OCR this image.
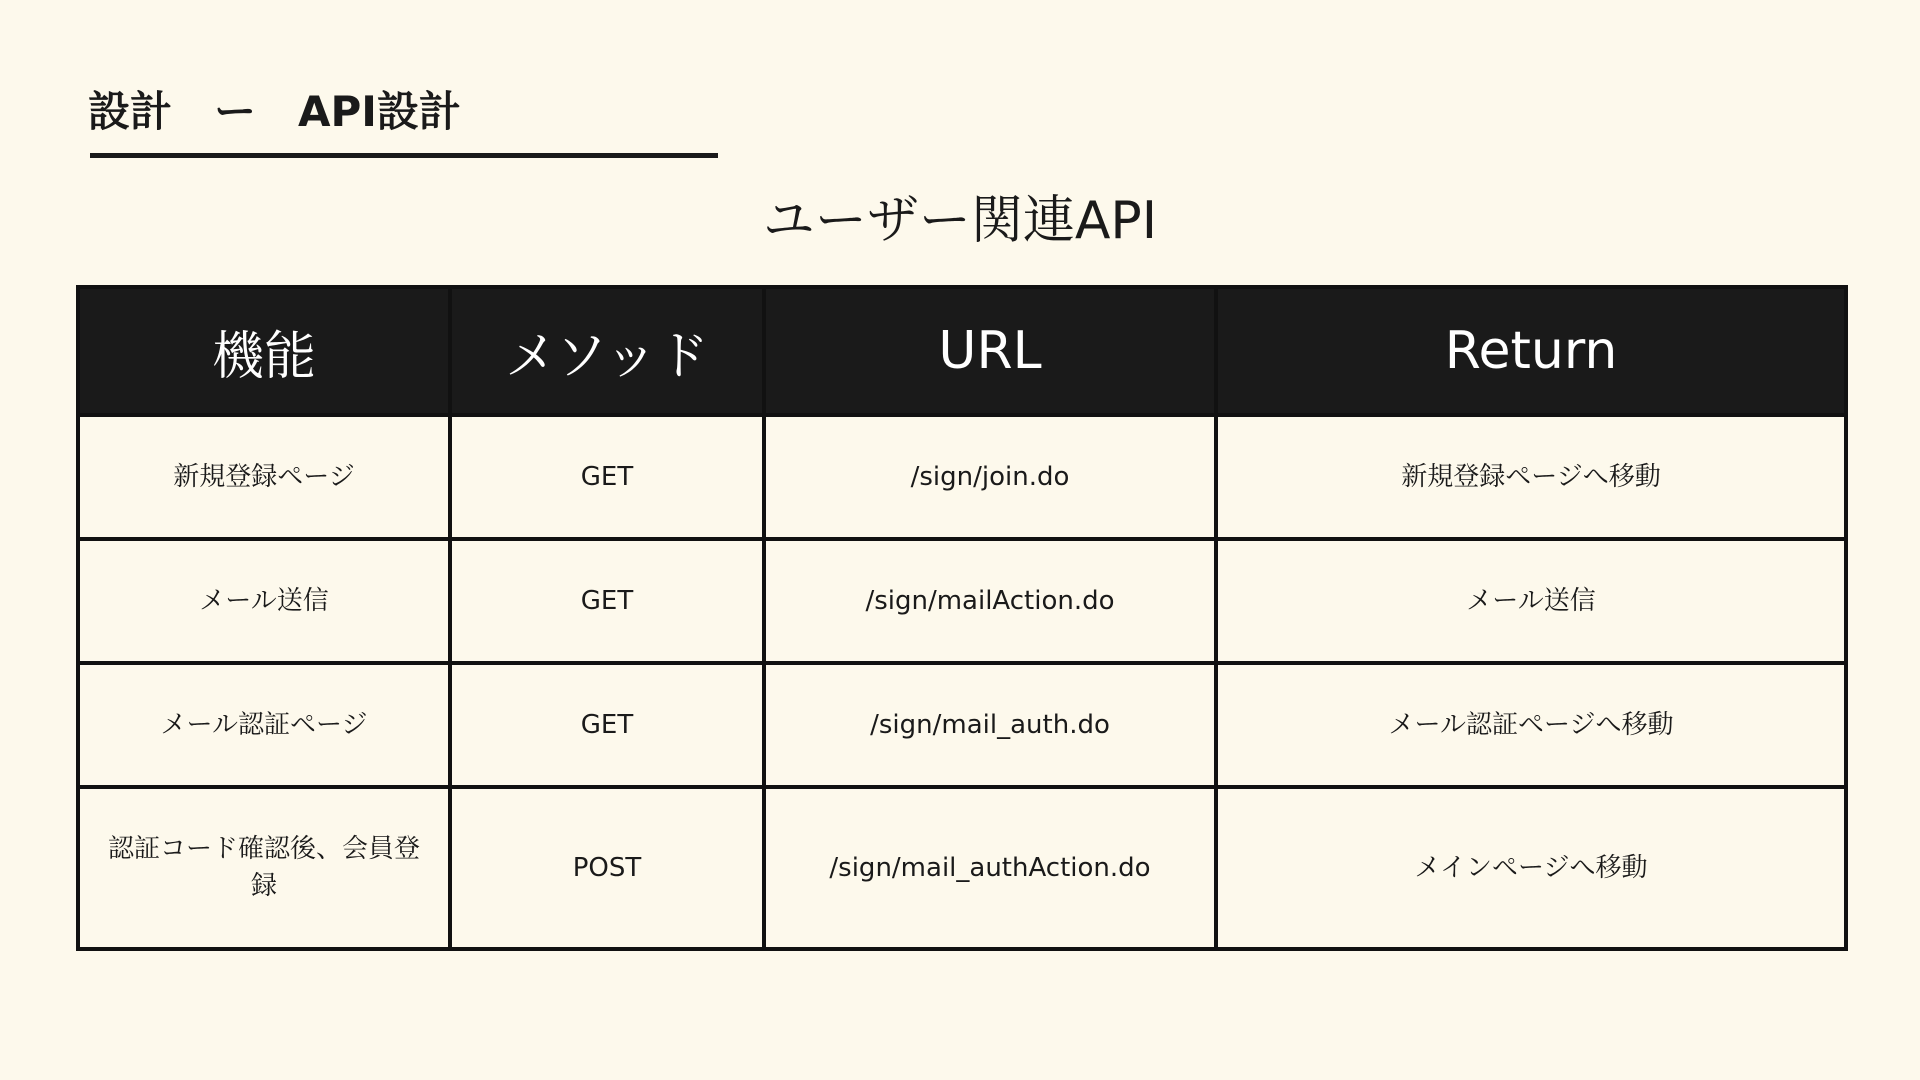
設計　ー　API設計
ユーザー関連API
機能	メソッド	URL	Return
新規登録ページ	GET	/sign/join.do	新規登録ページへ移動
メール送信	GET	/sign/mailAction.do	メール送信
メール認証ページ	GET	/sign/mail_auth.do	メール認証ページへ移動
認証コード確認後、会員登録	POST	/sign/mail_authAction.do	メインページへ移動
